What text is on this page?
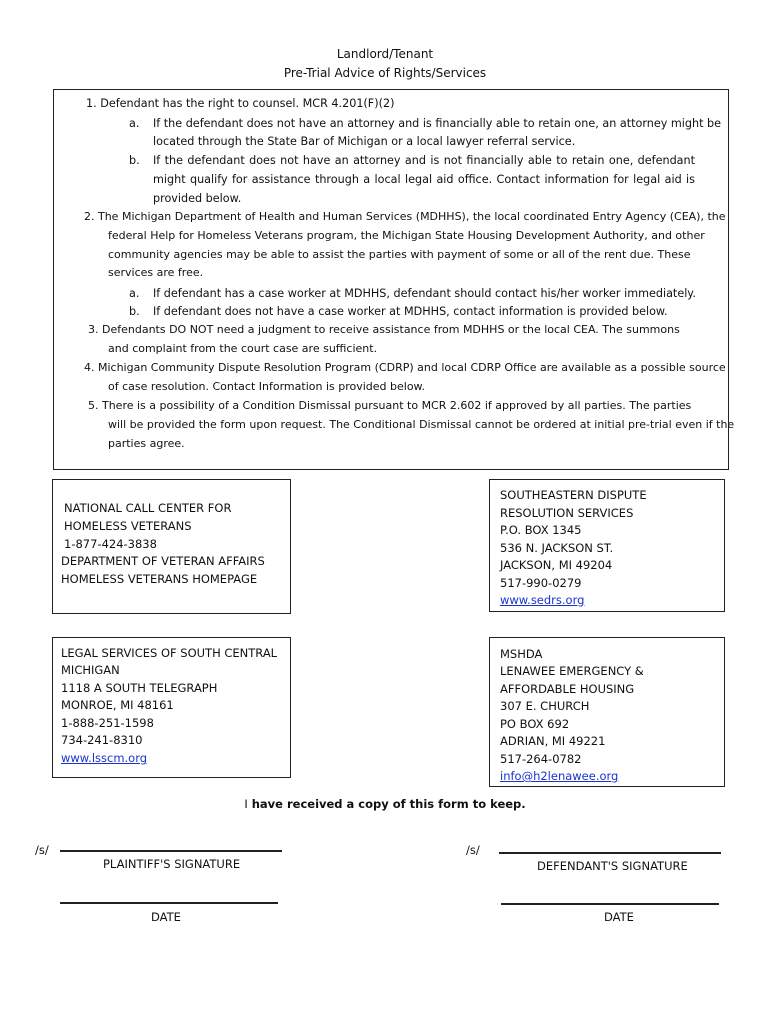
Landlord/Tenant
Pre-Trial Advice of Rights/Services
1. Defendant has the right to counsel. MCR 4.201(F)(2)
a. If the defendant does not have an attorney and is financially able to retain one, an attorney might be
located through the State Bar of Michigan or a local lawyer referral service.
b. If the defendant does not have an attorney and is not financially able to retain one, defendant
might qualify for assistance through a local legal aid office. Contact information for legal aid is
provided below.
2. The Michigan Department of Health and Human Services (MDHHS), the local coordinated Entry Agency (CEA), the
federal Help for Homeless Veterans program, the Michigan State Housing Development Authority, and other
community agencies may be able to assist the parties with payment of some or all of the rent due. These
services are free.
a. If defendant has a case worker at MDHHS, defendant should contact his/her worker immediately.
b. If defendant does not have a case worker at MDHHS, contact information is provided below.
3. Defendants DO NOT need a judgment to receive assistance from MDHHS or the local CEA. The summons
and complaint from the court case are sufficient.
4. Michigan Community Dispute Resolution Program (CDRP) and local CDRP Office are available as a possible source
of case resolution. Contact Information is provided below.
5. There is a possibility of a Condition Dismissal pursuant to MCR 2.602 if approved by all parties. The parties
will be provided the form upon request. The Conditional Dismissal cannot be ordered at initial pre-trial even if the
parties agree.
NATIONAL CALL CENTER FOR
HOMELESS VETERANS
1-877-424-3838
DEPARTMENT OF VETERAN AFFAIRS
HOMELESS VETERANS HOMEPAGE
SOUTHEASTERN DISPUTE
RESOLUTION SERVICES
P.O. BOX 1345
536 N. JACKSON ST.
JACKSON, MI 49204
517-990-0279
www.sedrs.org
LEGAL SERVICES OF SOUTH CENTRAL
MICHIGAN
1118 A SOUTH TELEGRAPH
MONROE, MI 48161
1-888-251-1598
734-241-8310
www.lsscm.org
MSHDA
LENAWEE EMERGENCY &
AFFORDABLE HOUSING
307 E. CHURCH
PO BOX 692
ADRIAN, MI 49221
517-264-0782
info@h2lenawee.org
I have received a copy of this form to keep.
/s/
PLAINTIFF'S SIGNATURE
/s/
DEFENDANT'S SIGNATURE
DATE	DATE
